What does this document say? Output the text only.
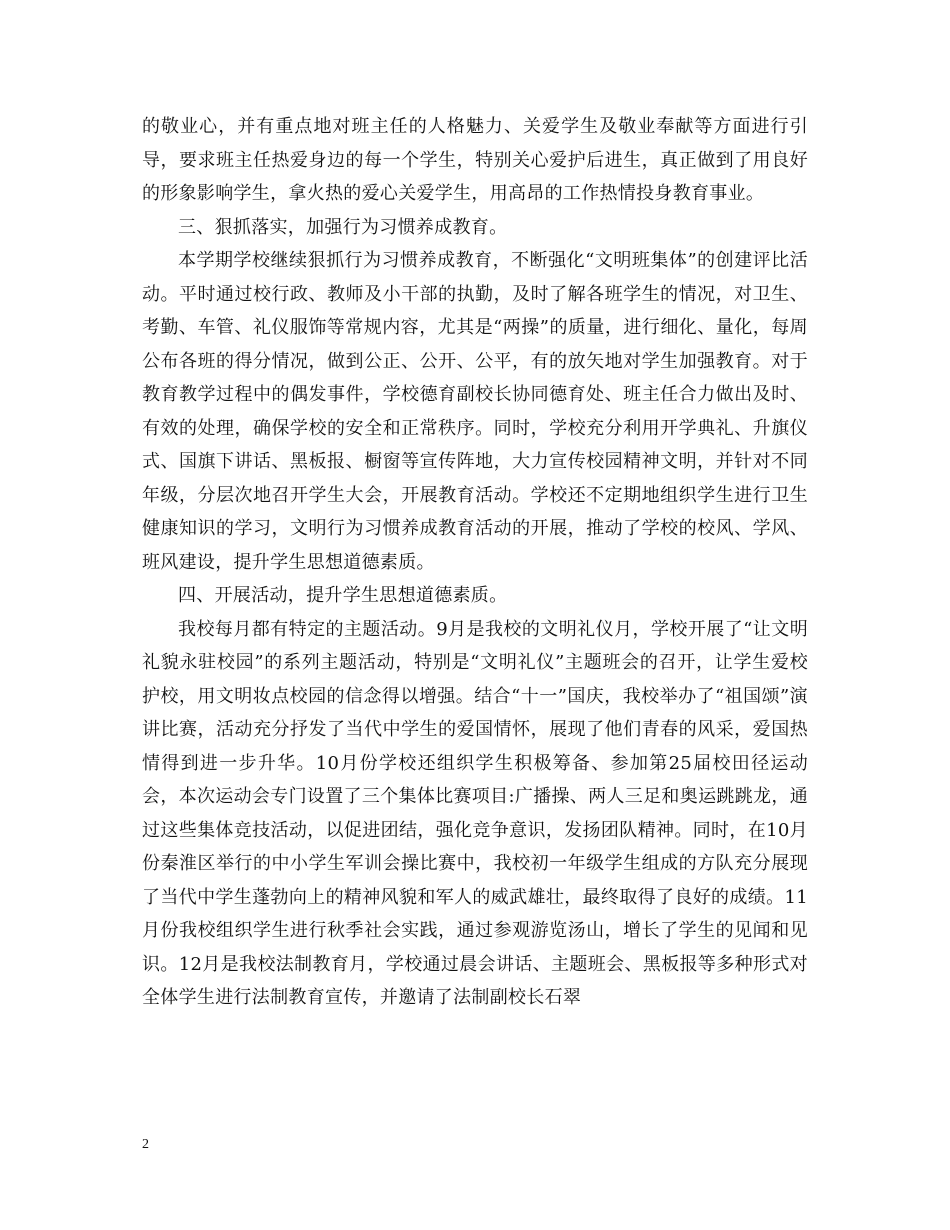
的敬业心，并有重点地对班主任的人格魅力、关爱学生及敬业奉献等方面进行引导，要求班主任热爱身边的每一个学生，特别关心爱护后进生，真正做到了用良好的形象影响学生，拿火热的爱心关爱学生，用高昂的工作热情投身教育事业。

三、狠抓落实，加强行为习惯养成教育。

本学期学校继续狠抓行为习惯养成教育，不断强化“文明班集体”的创建评比活动。平时通过校行政、教师及小干部的执勤，及时了解各班学生的情况，对卫生、考勤、车管、礼仪服饰等常规内容，尤其是“两操”的质量，进行细化、量化，每周公布各班的得分情况，做到公正、公开、公平，有的放矢地对学生加强教育。对于教育教学过程中的偶发事件，学校德育副校长协同德育处、班主任合力做出及时、有效的处理，确保学校的安全和正常秩序。同时，学校充分利用开学典礼、升旗仪式、国旗下讲话、黑板报、橱窗等宣传阵地，大力宣传校园精神文明，并针对不同年级，分层次地召开学生大会，开展教育活动。学校还不定期地组织学生进行卫生健康知识的学习，文明行为习惯养成教育活动的开展，推动了学校的校风、学风、班风建设，提升学生思想道德素质。

四、开展活动，提升学生思想道德素质。

我校每月都有特定的主题活动。9月是我校的文明礼仪月，学校开展了“让文明礼貌永驻校园”的系列主题活动，特别是“文明礼仪”主题班会的召开，让学生爱校护校，用文明妆点校园的信念得以增强。结合“十一”国庆，我校举办了“祖国颂”演讲比赛，活动充分抒发了当代中学生的爱国情怀，展现了他们青春的风采，爱国热情得到进一步升华。10月份学校还组织学生积极筹备、参加第25届校田径运动会，本次运动会专门设置了三个集体比赛项目:广播操、两人三足和奥运跳跳龙，通过这些集体竞技活动，以促进团结，强化竞争意识，发扬团队精神。同时，在10月份秦淮区举行的中小学生军训会操比赛中，我校初一年级学生组成的方队充分展现了当代中学生蓬勃向上的精神风貌和军人的威武雄壮，最终取得了良好的成绩。11月份我校组织学生进行秋季社会实践，通过参观游览汤山，增长了学生的见闻和见识。12月是我校法制教育月，学校通过晨会讲话、主题班会、黑板报等多种形式对全体学生进行法制教育宣传，并邀请了法制副校长石翠

2
